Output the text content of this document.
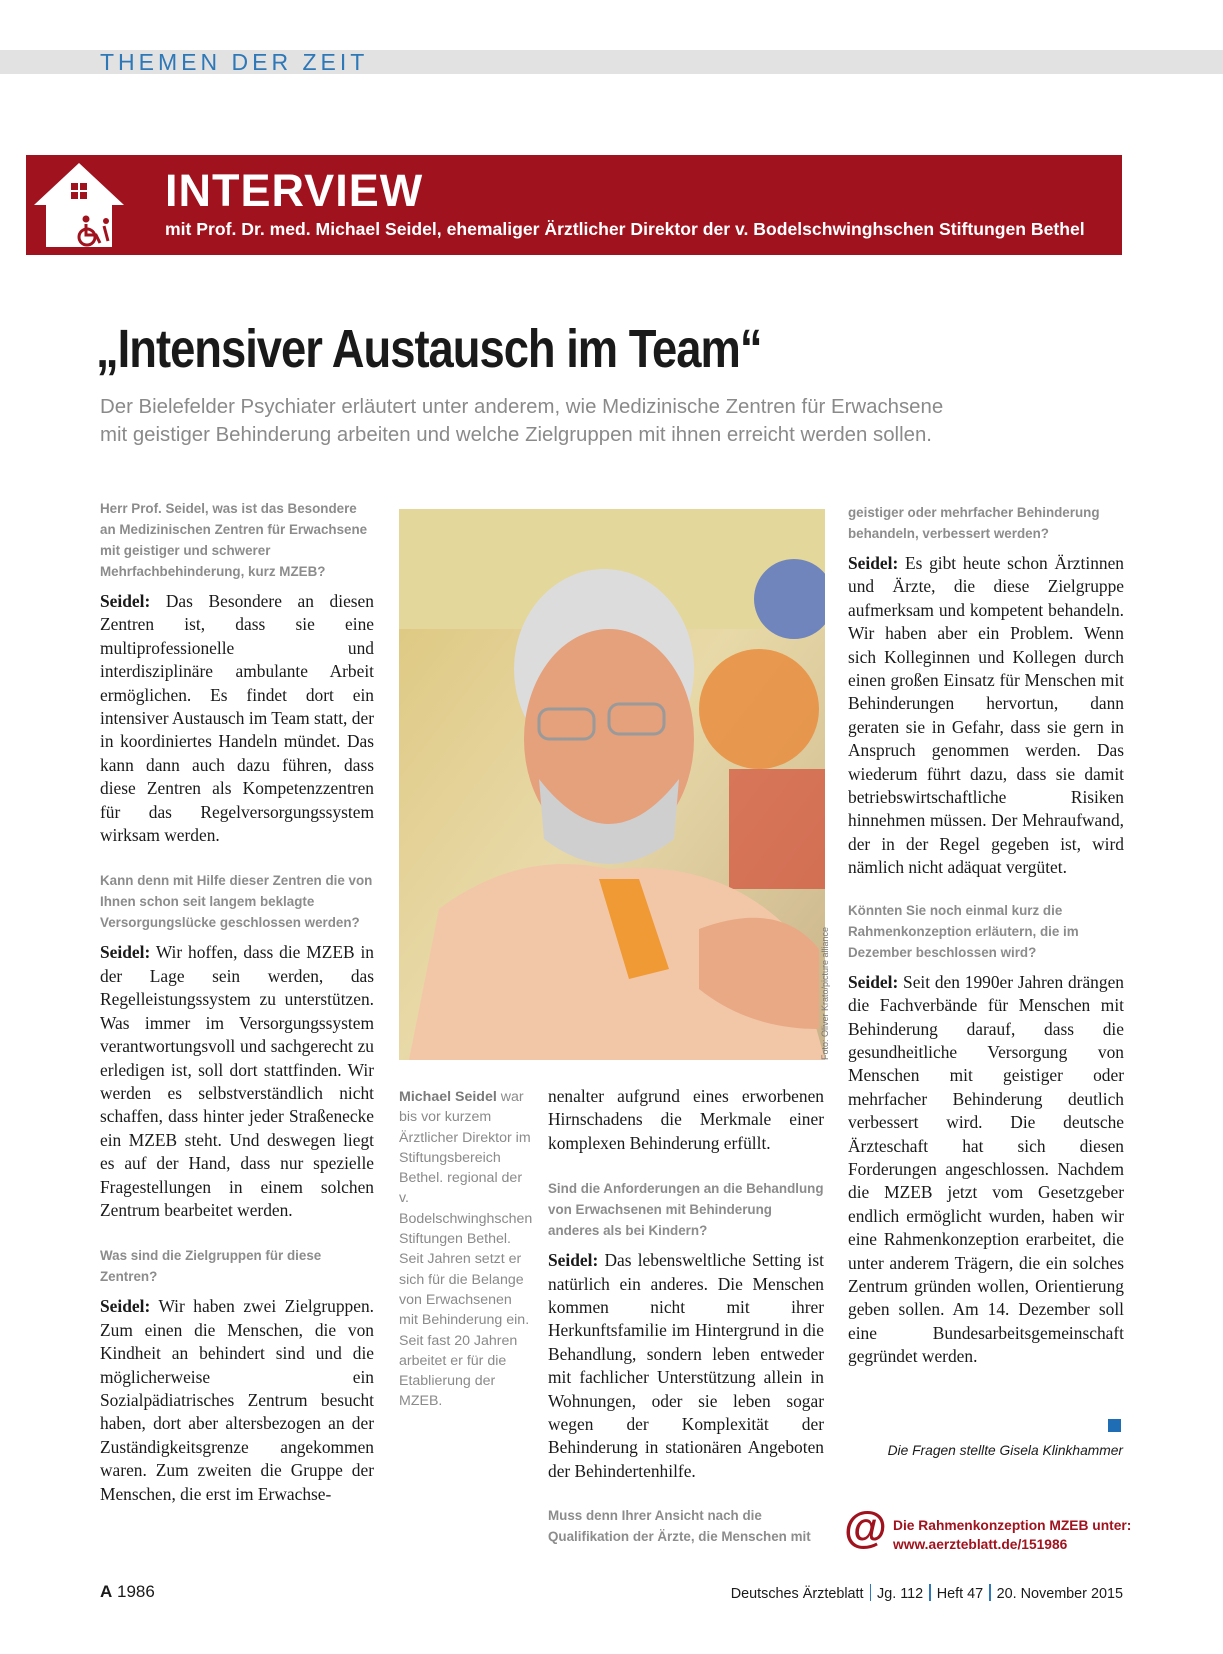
THEMEN DER ZEIT
INTERVIEW
mit Prof. Dr. med. Michael Seidel, ehemaliger Ärztlicher Direktor der v. Bodelschwinghschen Stiftungen Bethel
„Intensiver Austausch im Team“

Der Bielefelder Psychiater erläutert unter anderem, wie Medizinische Zentren für Erwachsene

mit geistiger Behinderung arbeiten und welche Zielgruppen mit ihnen erreicht werden sollen.

Herr Prof. Seidel, was ist das Besondere an Medizinischen Zentren für Erwachsene mit geistiger und schwerer Mehrfachbehinderung, kurz MZEB?

Seidel: Das Besondere an diesen Zentren ist, dass sie eine multiprofessionelle und interdisziplinäre ambulante Arbeit ermöglichen. Es findet dort ein intensiver Austausch im Team statt, der in koordiniertes Handeln mündet. Das kann dann auch dazu führen, dass diese Zentren als Kompetenzzentren für das Regelversorgungssystem wirksam werden.

Kann denn mit Hilfe dieser Zentren die von Ihnen schon seit langem beklagte Versorgungslücke geschlossen werden?

Seidel: Wir hoffen, dass die MZEB in der Lage sein werden, das Regelleistungssystem zu unterstützen. Was immer im Versorgungssystem verantwortungsvoll und sachgerecht zu erledigen ist, soll dort stattfinden. Wir werden es selbstverständlich nicht schaffen, dass hinter jeder Straßenecke ein MZEB steht. Und deswegen liegt es auf der Hand, dass nur spezielle Fragestellungen in einem solchen Zentrum bearbeitet werden.

Was sind die Zielgruppen für diese Zentren?

Seidel: Wir haben zwei Zielgruppen. Zum einen die Menschen, die von Kindheit an behindert sind und die möglicherweise ein Sozialpädiatrisches Zentrum besucht haben, dort aber altersbezogen an der Zuständigkeitsgrenze angekommen waren. Zum zweiten die Gruppe der Menschen, die erst im Erwachse-

Foto: Oliver Krato/picture alliance
Michael Seidel war bis vor kurzem Ärztlicher Direktor im Stiftungsbereich Bethel. regional der v. Bodelschwinghschen Stiftungen Bethel. Seit Jahren setzt er sich für die Belange von Erwachsenen mit Behinderung ein. Seit fast 20 Jahren arbeitet er für die Etablierung der MZEB.

nenalter aufgrund eines erworbenen Hirnschadens die Merkmale einer komplexen Behinderung erfüllt.

Sind die Anforderungen an die Behandlung von Erwachsenen mit Behinderung anderes als bei Kindern?

Seidel: Das lebensweltliche Setting ist natürlich ein anderes. Die Menschen kommen nicht mit ihrer Herkunftsfamilie im Hintergrund in die Behandlung, sondern leben entweder mit fachlicher Unterstützung allein in Wohnungen, oder sie leben sogar wegen der Komplexität der Behinderung in stationären Angeboten der Behindertenhilfe.

Muss denn Ihrer Ansicht nach die Qualifikation der Ärzte, die Menschen mit

geistiger oder mehrfacher Behinderung behandeln, verbessert werden?

Seidel: Es gibt heute schon Ärztinnen und Ärzte, die diese Zielgruppe aufmerksam und kompetent behandeln. Wir haben aber ein Problem. Wenn sich Kolleginnen und Kollegen durch einen großen Einsatz für Menschen mit Behinderungen hervortun, dann geraten sie in Gefahr, dass sie gern in Anspruch genommen werden. Das wiederum führt dazu, dass sie damit betriebswirtschaftliche Risiken hinnehmen müssen. Der Mehraufwand, der in der Regel gegeben ist, wird nämlich nicht adäquat vergütet.

Könnten Sie noch einmal kurz die Rahmenkonzeption erläutern, die im Dezember beschlossen wird?

Seidel: Seit den 1990er Jahren drängen die Fachverbände für Menschen mit Behinderung darauf, dass die gesundheitliche Versorgung von Menschen mit geistiger oder mehrfacher Behinderung deutlich verbessert wird. Die deutsche Ärzteschaft hat sich diesen Forderungen angeschlossen. Nachdem die MZEB jetzt vom Gesetzgeber endlich ermöglicht wurden, haben wir eine Rahmenkonzeption erarbeitet, die unter anderem Trägern, die ein solches Zentrum gründen wollen, Orientierung geben sollen. Am 14. Dezember soll eine Bundesarbeitsgemeinschaft gegründet werden.

Die Fragen stellte Gisela Klinkhammer
@ Die Rahmenkonzeption MZEB unter:
www.aerzteblatt.de/151986
A 1986	Deutsches Ärzteblatt Jg. 112 Heft 47 20. November 2015
